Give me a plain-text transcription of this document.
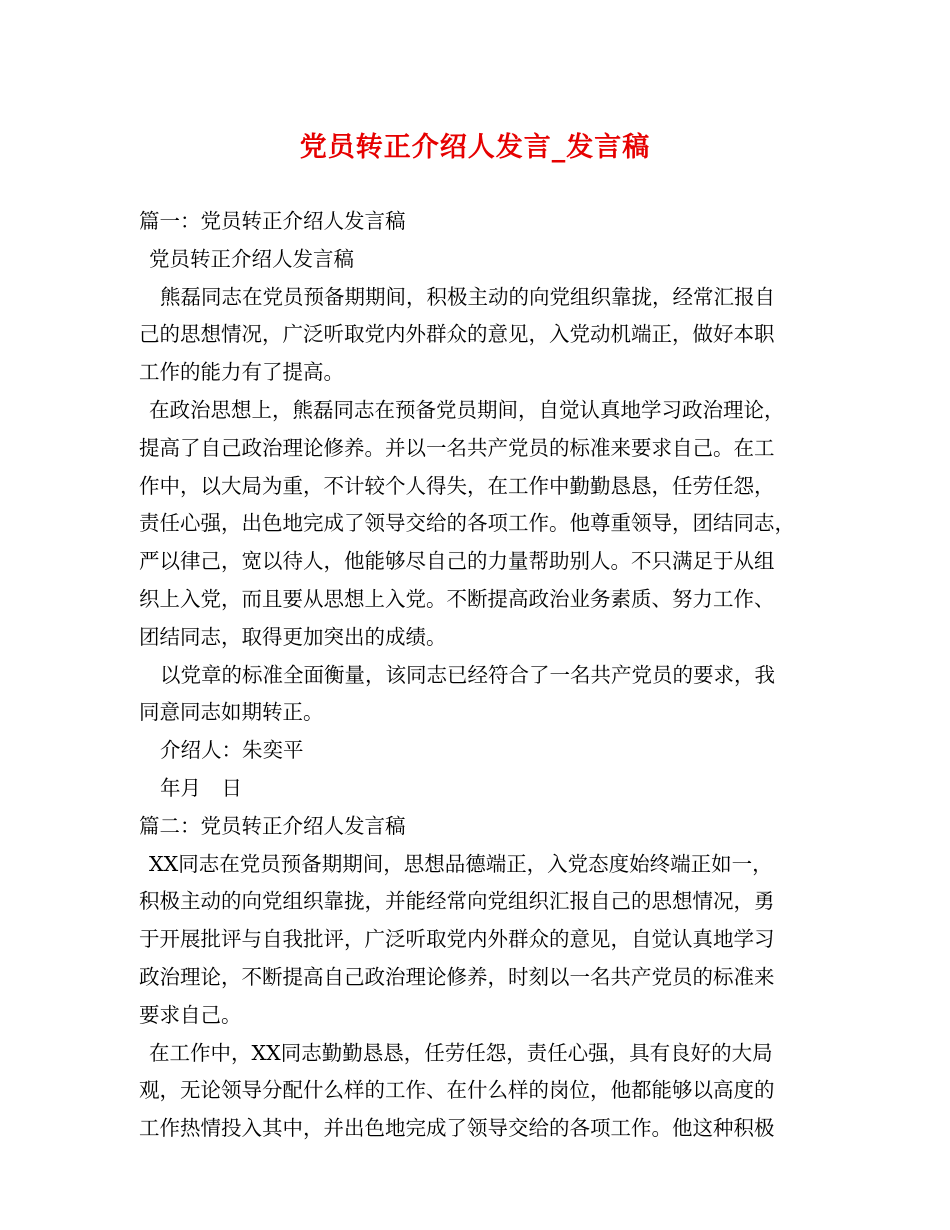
党员转正介绍人发言_发言稿
篇一：党员转正介绍人发言稿
党员转正介绍人发言稿
熊磊同志在党员预备期期间，积极主动的向党组织靠拢，经常汇报自
己的思想情况，广泛听取党内外群众的意见，入党动机端正，做好本职
工作的能力有了提高。
在政治思想上，熊磊同志在预备党员期间，自觉认真地学习政治理论，
提高了自己政治理论修养。并以一名共产党员的标准来要求自己。在工
作中，以大局为重，不计较个人得失，在工作中勤勤恳恳，任劳任怨，
责任心强，出色地完成了领导交给的各项工作。他尊重领导，团结同志，
严以律己，宽以待人，他能够尽自己的力量帮助别人。不只满足于从组
织上入党，而且要从思想上入党。不断提高政治业务素质、努力工作、
团结同志，取得更加突出的成绩。
以党章的标准全面衡量，该同志已经符合了一名共产党员的要求，我
同意同志如期转正。
介绍人：朱奕平
年月　日
篇二：党员转正介绍人发言稿
XX同志在党员预备期期间，思想品德端正，入党态度始终端正如一，
积极主动的向党组织靠拢，并能经常向党组织汇报自己的思想情况，勇
于开展批评与自我批评，广泛听取党内外群众的意见，自觉认真地学习
政治理论，不断提高自己政治理论修养，时刻以一名共产党员的标准来
要求自己。
在工作中，XX同志勤勤恳恳，任劳任怨，责任心强，具有良好的大局
观，无论领导分配什么样的工作、在什么样的岗位，他都能够以高度的
工作热情投入其中，并出色地完成了领导交给的各项工作。他这种积极
